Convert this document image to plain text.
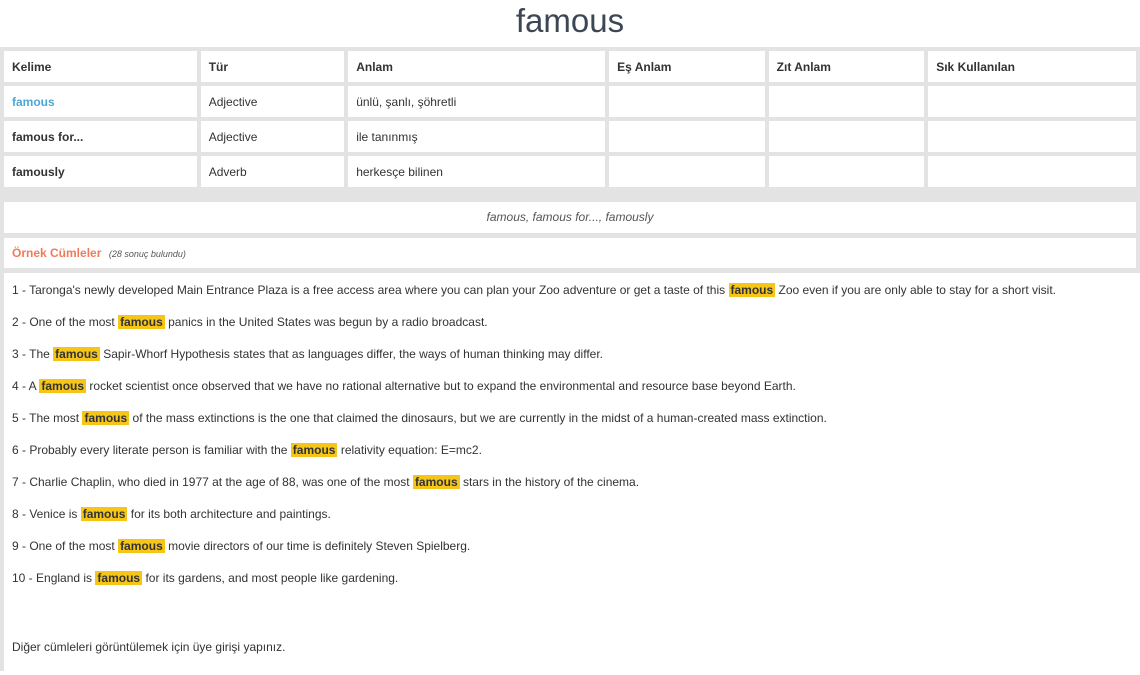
famous
Kelime	Tür	Anlam	Eş Anlam	Zıt Anlam	Sık Kullanılan
famous	Adjective	ünlü, şanlı, şöhretli			
famous for...	Adjective	ile tanınmış			
famously	Adverb	herkesçe bilinen			
famous, famous for..., famously
Örnek Cümleler (28 sonuç bulundu)

1 - Taronga's newly developed Main Entrance Plaza is a free access area where you can plan your Zoo adventure or get a taste of this famous Zoo even if you are only able to stay for a short visit.

2 - One of the most famous panics in the United States was begun by a radio broadcast.

3 - The famous Sapir-Whorf Hypothesis states that as languages differ, the ways of human thinking may differ.

4 - A famous rocket scientist once observed that we have no rational alternative but to expand the environmental and resource base beyond Earth.

5 - The most famous of the mass extinctions is the one that claimed the dinosaurs, but we are currently in the midst of a human-created mass extinction.

6 - Probably every literate person is familiar with the famous relativity equation: E=mc2.

7 - Charlie Chaplin, who died in 1977 at the age of 88, was one of the most famous stars in the history of the cinema.

8 - Venice is famous for its both architecture and paintings.

9 - One of the most famous movie directors of our time is definitely Steven Spielberg.

10 - England is famous for its gardens, and most people like gardening.

Diğer cümleleri görüntülemek için üye girişi yapınız.
